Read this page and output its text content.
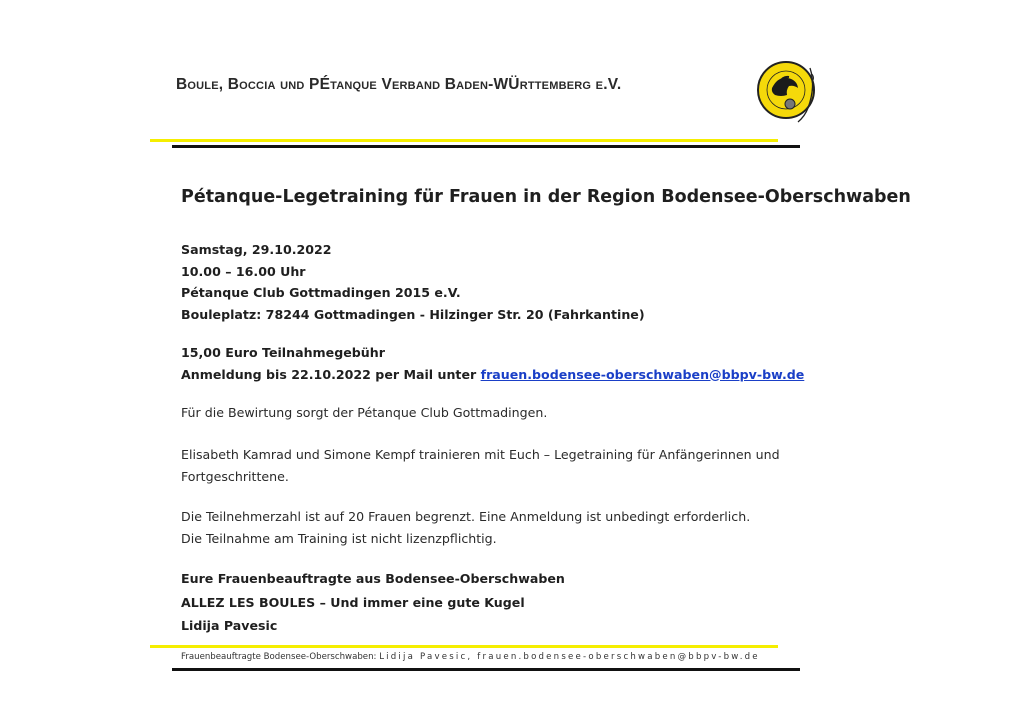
Boule, Boccia und PÉtanque Verband Baden-WÜrttemberg e.V.
Pétanque-Legetraining für Frauen in der Region Bodensee-Oberschwaben
Samstag, 29.10.2022
10.00 – 16.00 Uhr
Pétanque Club Gottmadingen 2015 e.V.
Bouleplatz: 78244 Gottmadingen - Hilzinger Str. 20 (Fahrkantine)
15,00 Euro Teilnahmegebühr
Anmeldung bis 22.10.2022 per Mail unter frauen.bodensee-oberschwaben@bbpv-bw.de
Für die Bewirtung sorgt der Pétanque Club Gottmadingen.
Elisabeth Kamrad und Simone Kempf trainieren mit Euch – Legetraining für Anfängerinnen und Fortgeschrittene.
Die Teilnehmerzahl ist auf 20 Frauen begrenzt. Eine Anmeldung ist unbedingt erforderlich.
Die Teilnahme am Training ist nicht lizenzpflichtig.
Eure Frauenbeauftragte aus Bodensee-Oberschwaben
ALLEZ LES BOULES – Und immer eine gute Kugel
Lidija Pavesic
Frauenbeauftragte Bodensee-Oberschwaben: Lidija Pavesic, frauen.bodensee-oberschwaben@bbpv-bw.de
